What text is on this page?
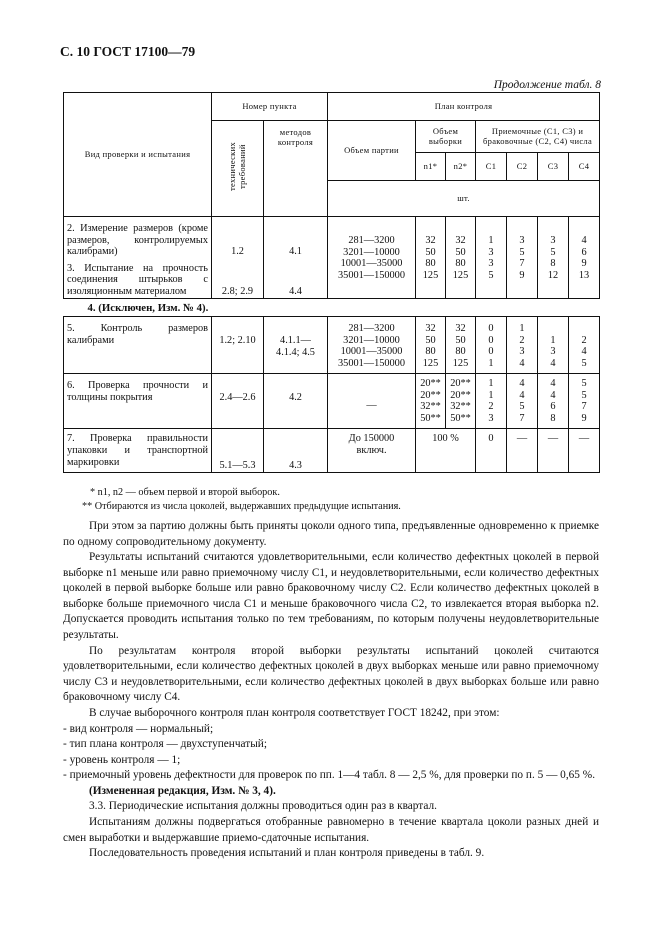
С. 10 ГОСТ 17100—79
Продолжение табл. 8
Вид проверки и испытания	Номер пункта		План контроля						
	технических
требований	методов контроля	Объем партии	Объем выборки		Приемочные (С1, С3) и браковочные (С2, С4) числа			
				n1*	n2*	C1	C2	C3	C4
			шт.						
2. Измерение размеров (кроме размеров, контролируемых калибрами)	1.2	4.1	281—3200
3201—10000
10001—35000
35001—150000	32
50
80
125	32
50
80
125	1
3
3
5	3
5
7
9	3
5
8
12	4
6
9
13

3. Испытание на прочность соединения штырьков с изоляционным материалом	2.8; 2.9	4.4							
4. (Исключен, Изм. № 4).									
5. Контроль размеров калибрами	1.2; 2.10	4.1.1—
4.1.4; 4.5	281—3200
3201—10000
10001—35000
35001—150000	32
50
80
125	32
50
80
125	0
0
0
1	1
2
3
4	1
3
4	2
4
5

6. Проверка прочности и толщины покрытия	2.4—2.6	4.2	—	20**
20**
32**
50**	20**
20**
32**
50**	1
1
2
3	4
4
5
7	4
4
6
8	5
5
7
9

7. Проверка правильности упаковки и транспортной маркировки	5.1—5.3	4.3	До 150000
включ.	100 %		0	—	—	—
* n1, n2 — объем первой и второй выборок.
** Отбираются из числа цоколей, выдержавших предыдущие испытания.

При этом за партию должны быть приняты цоколи одного типа, предъявленные одновременно к приемке по одному сопроводительному документу.

Результаты испытаний считаются удовлетворительными, если количество дефектных цоколей в первой выборке n1 меньше или равно приемочному числу C1, и неудовлетворительными, если количество дефектных цоколей в первой выборке больше или равно браковочному числу C2. Если количество дефектных цоколей в выборке больше приемочного числа C1 и меньше браковочного числа C2, то извлекается вторая выборка n2. Допускается проводить испытания только по тем требованиям, по которым получены неудовлетворительные результаты.

По результатам контроля второй выборки результаты испытаний цоколей считаются удовлетворительными, если количество дефектных цоколей в двух выборках меньше или равно приемочному числу C3 и неудовлетворительными, если количество дефектных цоколей в двух выборках больше или равно браковочному числу C4.

В случае выборочного контроля план контроля соответствует ГОСТ 18242, при этом:

- вид контроля — нормальный;

- тип плана контроля — двухступенчатый;

- уровень контроля — 1;

- приемочный уровень дефектности для проверок по пп. 1—4 табл. 8 — 2,5 %, для проверки по п. 5 — 0,65 %.

(Измененная редакция, Изм. № 3, 4).

3.3. Периодические испытания должны проводиться один раз в квартал.

Испытаниям должны подвергаться отобранные равномерно в течение квартала цоколи разных дней и смен выработки и выдержавшие приемо-сдаточные испытания.

Последовательность проведения испытаний и план контроля приведены в табл. 9.
